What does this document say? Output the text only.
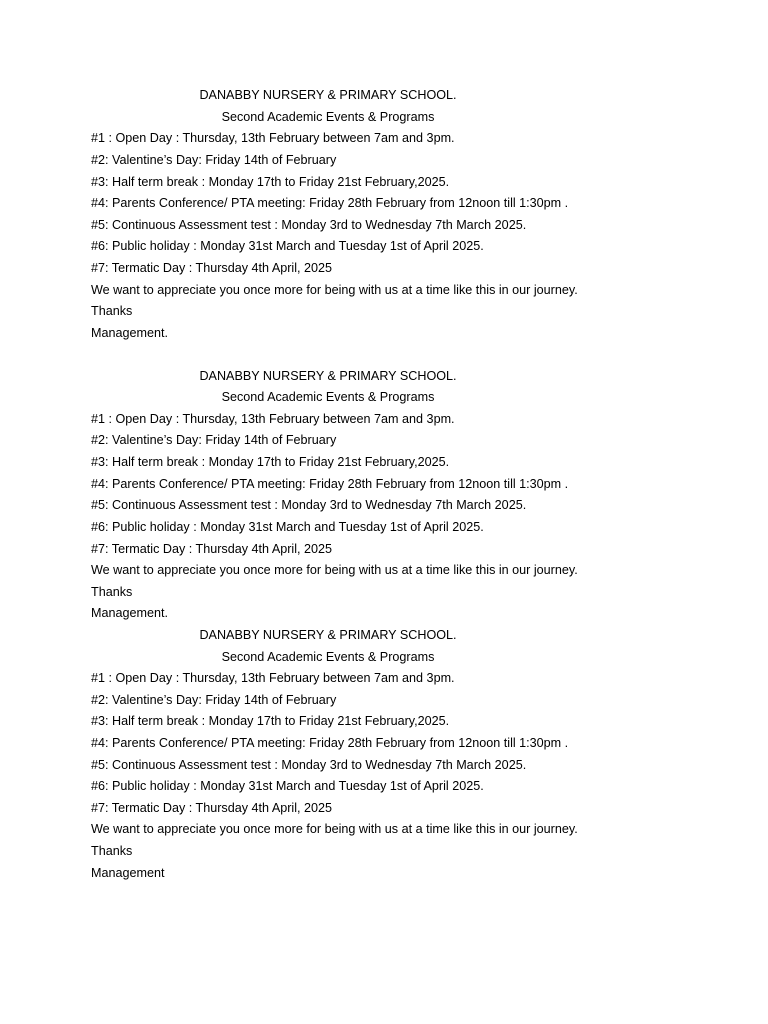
DANABBY NURSERY & PRIMARY SCHOOL.
Second Academic Events & Programs
#1 : Open Day : Thursday, 13th February between 7am and 3pm.
#2: Valentine’s Day: Friday 14th of February
#3: Half term break : Monday 17th to Friday 21st February,2025.
#4: Parents Conference/ PTA meeting: Friday 28th February from 12noon till 1:30pm .
#5: Continuous Assessment test : Monday 3rd to Wednesday 7th March 2025.
#6: Public holiday : Monday 31st March and Tuesday 1st of April 2025.
#7: Termatic Day : Thursday 4th April, 2025
We want to appreciate you once more for being with us at a time like this in our journey.
Thanks
Management.
DANABBY NURSERY & PRIMARY SCHOOL.
Second Academic Events & Programs
#1 : Open Day : Thursday, 13th February between 7am and 3pm.
#2: Valentine’s Day: Friday 14th of February
#3: Half term break : Monday 17th to Friday 21st February,2025.
#4: Parents Conference/ PTA meeting: Friday 28th February from 12noon till 1:30pm .
#5: Continuous Assessment test : Monday 3rd to Wednesday 7th March 2025.
#6: Public holiday : Monday 31st March and Tuesday 1st of April 2025.
#7: Termatic Day : Thursday 4th April, 2025
We want to appreciate you once more for being with us at a time like this in our journey.
Thanks
Management.
DANABBY NURSERY & PRIMARY SCHOOL.
Second Academic Events & Programs
#1 : Open Day : Thursday, 13th February between 7am and 3pm.
#2: Valentine’s Day: Friday 14th of February
#3: Half term break : Monday 17th to Friday 21st February,2025.
#4: Parents Conference/ PTA meeting: Friday 28th February from 12noon till 1:30pm .
#5: Continuous Assessment test : Monday 3rd to Wednesday 7th March 2025.
#6: Public holiday : Monday 31st March and Tuesday 1st of April 2025.
#7: Termatic Day : Thursday 4th April, 2025
We want to appreciate you once more for being with us at a time like this in our journey.
Thanks
Management
